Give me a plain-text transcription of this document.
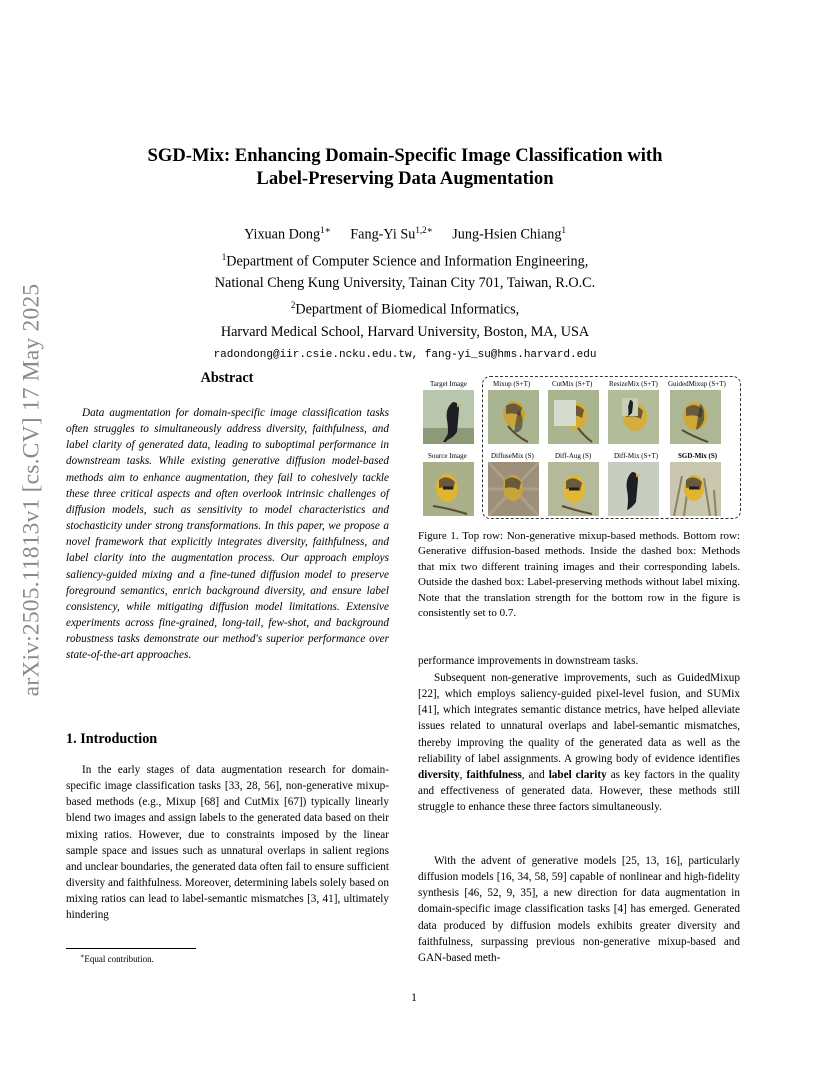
arXiv:2505.11813v1 [cs.CV] 17 May 2025
SGD-Mix: Enhancing Domain-Specific Image Classification with
Label-Preserving Data Augmentation
Yixuan Dong$^{1∗}$ Fang-Yi $Su^{1,2∗}$ Jung-Hsien Chiang$^1$
$^1$Department of Computer Science and Information Engineering,
National Cheng Kung University, Tainan City 701, Taiwan, R.O.C.
$^2$Department of Biomedical Informatics,
Harvard Medical School, Harvard University, Boston, MA, USA
radondong@iir.csie.ncku.edu.tw, fang-yi_su@hms.harvard.edu
Abstract

Data augmentation for domain-specific image classification tasks often struggles to simultaneously address diversity, faithfulness, and label clarity of generated data, leading to suboptimal performance in downstream tasks. While existing generative diffusion model-based methods aim to enhance augmentation, they fail to cohesively tackle these three critical aspects and often overlook intrinsic challenges of diffusion models, such as sensitivity to model characteristics and stochasticity under strong transformations. In this paper, we propose a novel framework that explicitly integrates diversity, faithfulness, and label clarity into the augmentation process. Our approach employs saliency-guided mixing and a fine-tuned diffusion model to preserve foreground semantics, enrich background diversity, and ensure label consistency, while mitigating diffusion model limitations. Extensive experiments across fine-grained, long-tail, few-shot, and background robustness tasks demonstrate our method's superior performance over state-of-the-art approaches.

1. Introduction

In the early stages of data augmentation research for domain-specific image classification tasks [33, 28, 56], non-generative mixup-based methods (e.g., Mixup [68] and CutMix [67]) typically linearly blend two images and assign labels to the generated data based on their mixing ratios. However, due to constraints imposed by the linear sample space and issues such as unnatural overlaps in salient regions and unclear boundaries, the generated data often fail to ensure sufficient diversity and faithfulness. Moreover, determining labels solely based on mixing ratios can lead to label-semantic mismatches [3, 41], ultimately hindering

∗Equal contribution.
Target Image	Mixup (S+T)	CutMix (S+T) ResizeMix (S+T) GuidedMixup (S+T)
Source Image	DiffuseMix (S)	Diff-Aug (S)	Diff-Mix (S+T)	SGD-Mix (S)

Figure 1. Top row: Non-generative mixup-based methods. Bottom row: Generative diffusion-based methods. Inside the dashed box: Methods that mix two different training images and their corresponding labels. Outside the dashed box: Label-preserving methods without label mixing. Note that the translation strength for the bottom row in the figure is consistently set to 0.7.

performance improvements in downstream tasks.

Subsequent non-generative improvements, such as GuidedMixup [22], which employs saliency-guided pixel-level fusion, and SUMix [41], which integrates semantic distance metrics, have helped alleviate issues related to unnatural overlaps and label-semantic mismatches, thereby improving the quality of the generated data as well as the reliability of label assignments. A growing body of evidence identifies diversity, faithfulness, and label clarity as key factors in the quality and effectiveness of generated data. However, these methods still struggle to enhance these three factors simultaneously.

With the advent of generative models [25, 13, 16], particularly diffusion models [16, 34, 58, 59] capable of nonlinear and high-fidelity synthesis [46, 52, 9, 35], a new direction for data augmentation in domain-specific image classification tasks [4] has emerged. Generated data produced by diffusion models exhibits greater diversity and faithfulness, surpassing previous non-generative mixup-based and GAN-based meth-

1
